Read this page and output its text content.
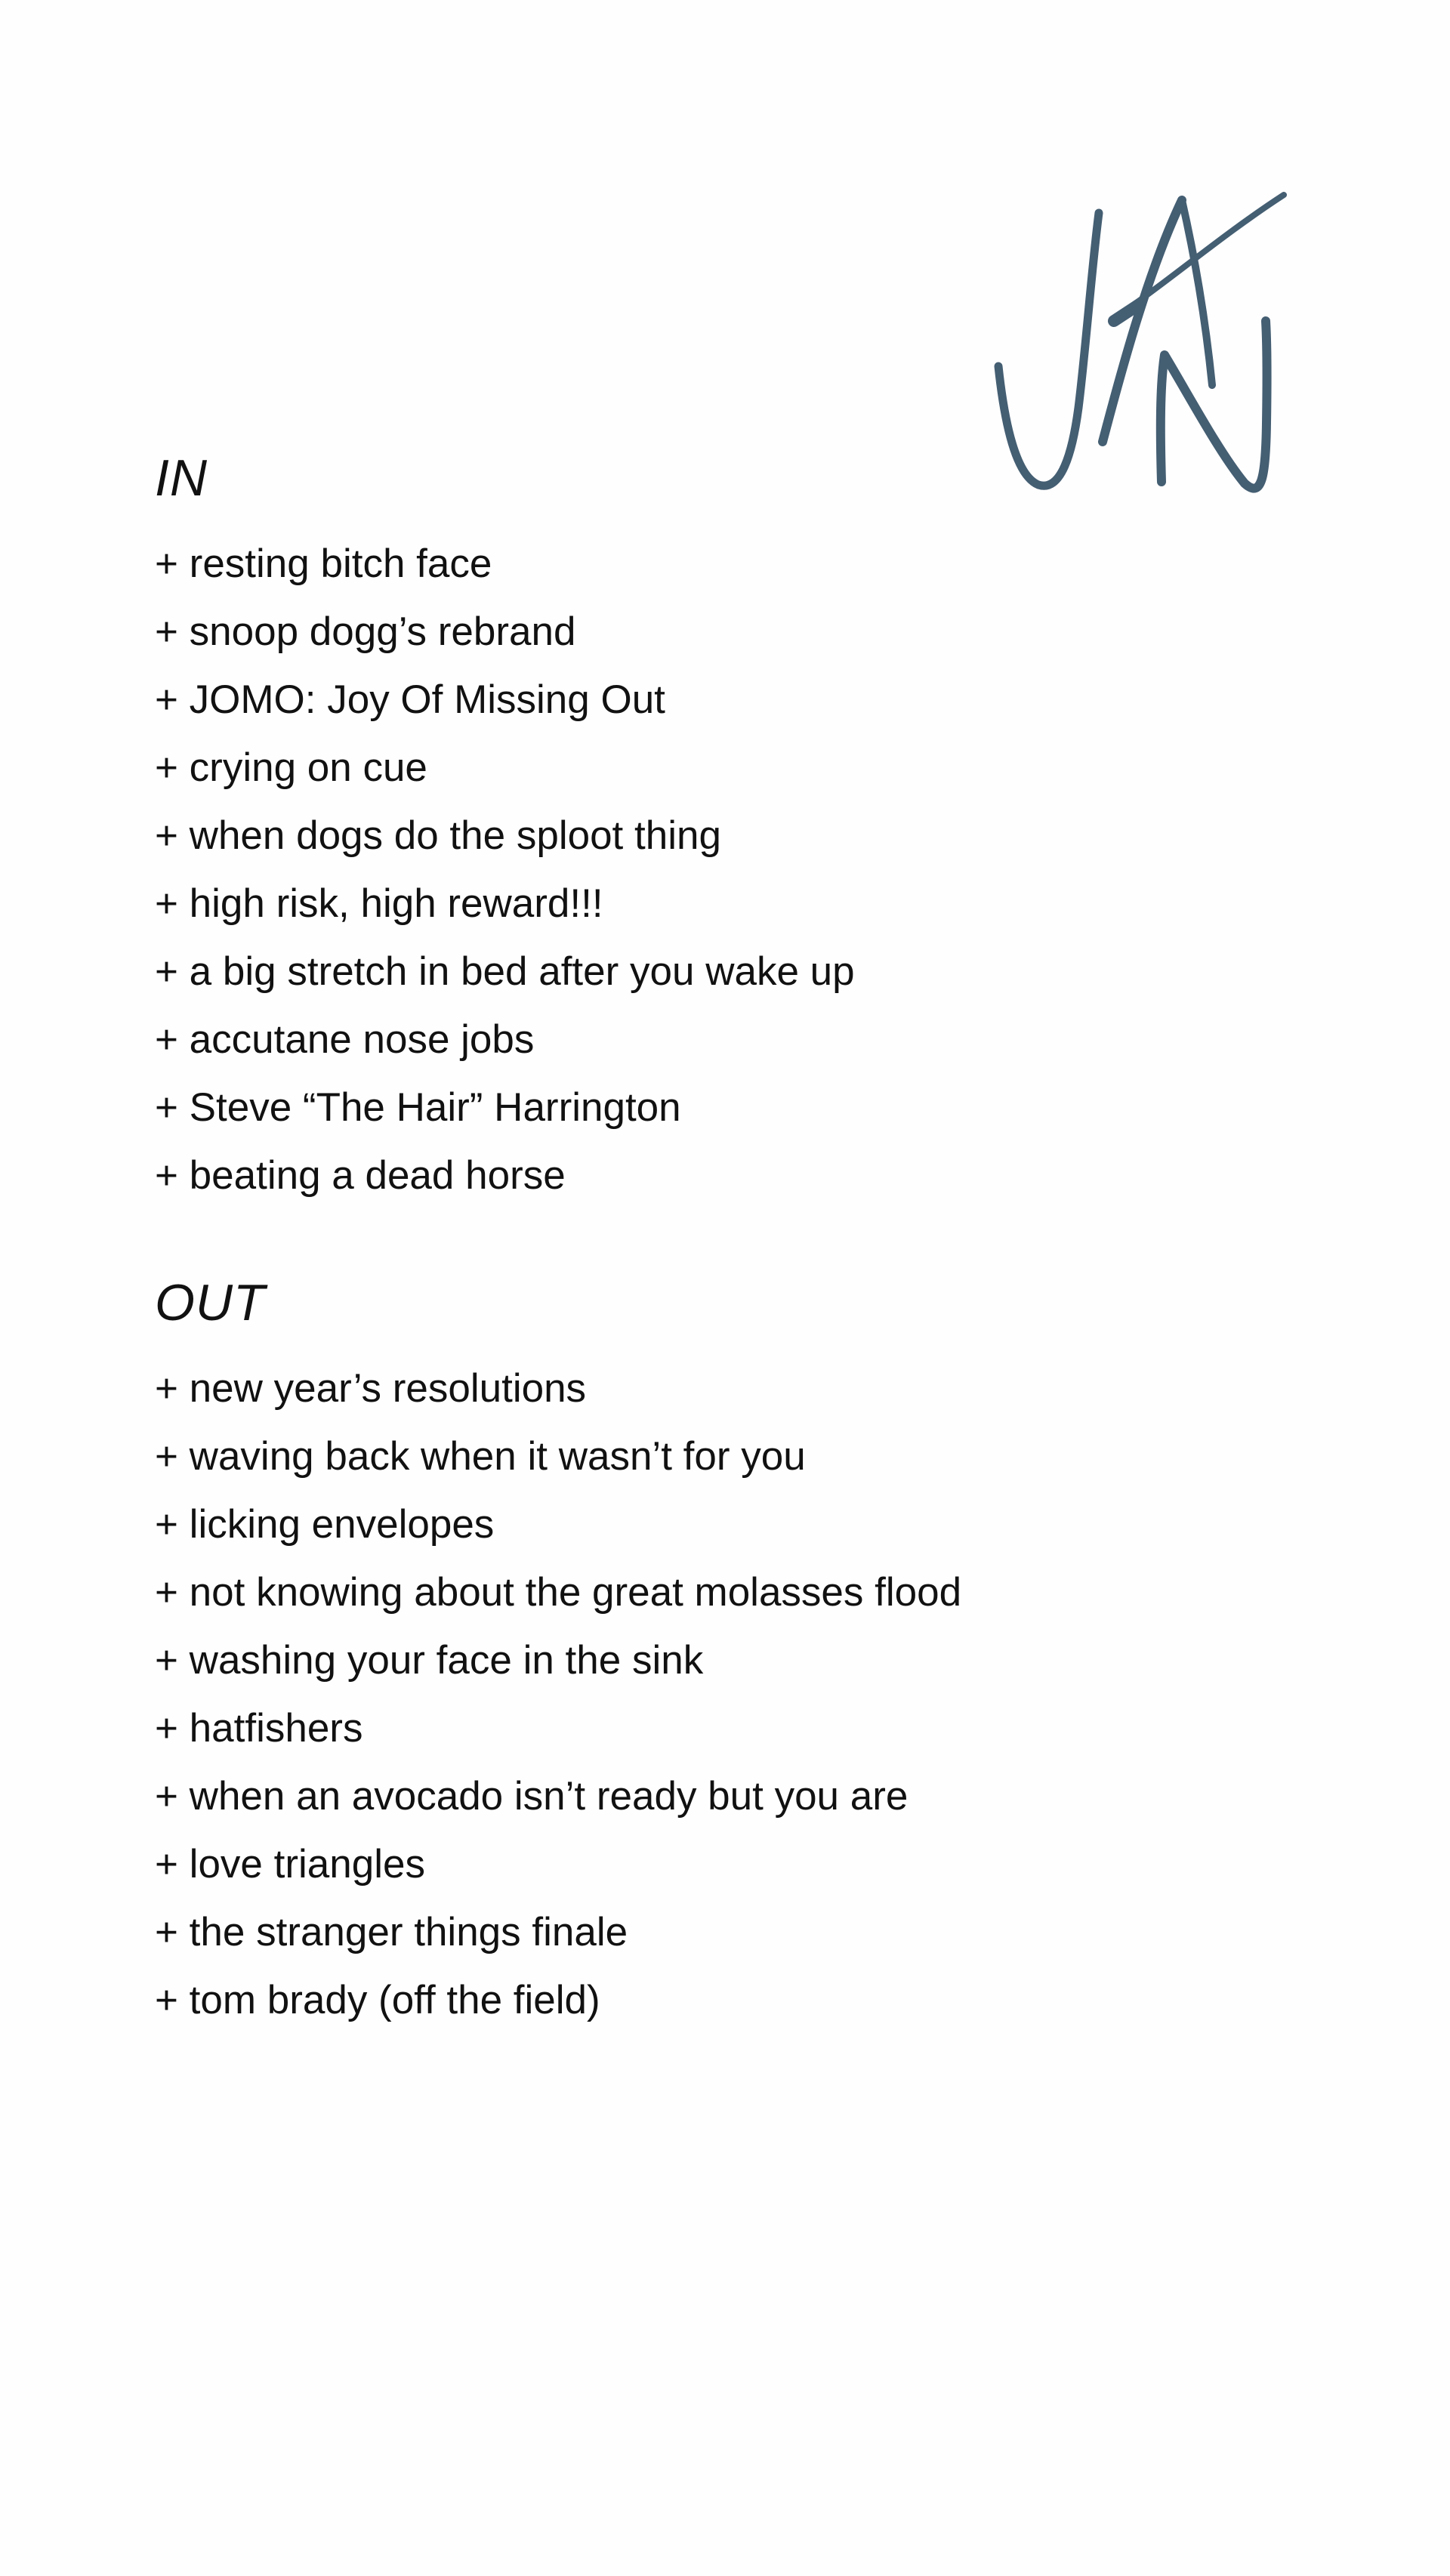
IN
+ resting bitch face
+ snoop dogg’s rebrand
+ JOMO: Joy Of Missing Out
+ crying on cue
+ when dogs do the sploot thing
+ high risk, high reward!!!
+ a big stretch in bed after you wake up
+ accutane nose jobs
+ Steve “The Hair” Harrington
+ beating a dead horse
OUT
+ new year’s resolutions
+ waving back when it wasn’t for you
+ licking envelopes
+ not knowing about the great molasses flood
+ washing your face in the sink
+ hatfishers
+ when an avocado isn’t ready but you are
+ love triangles
+ the stranger things finale
+ tom brady (off the field)
